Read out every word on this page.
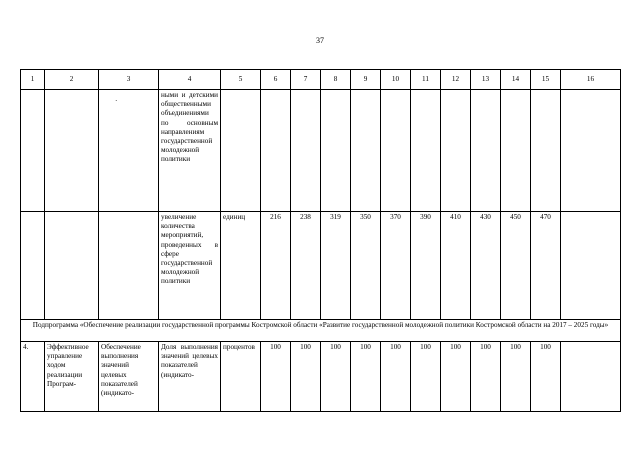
37
1	2	3	4	5	6	7	8	9	10	11	12	13	14	15	16
		·	ными и детскими общественными объединениями по основным направлениям государственной молодежной политики												
			увеличение количества мероприятий, проведенных в сфере государственной молодежной политики	единиц	216	238	319	350	370	390	410	430	450	470	
Подпрограмма «Обеспечение реализации государственной программы Костромской области «Развитие государственной молодежной политики Костромской области на 2017 – 2025 годы»															
4.	Эффективное управление ходом реализации Програм-	Обеспечение выполнения значений целевых показателей (индикато-	Доля выполнения значений целевых показателей (индикато-	процентов	100	100	100	100	100	100	100	100	100	100	
